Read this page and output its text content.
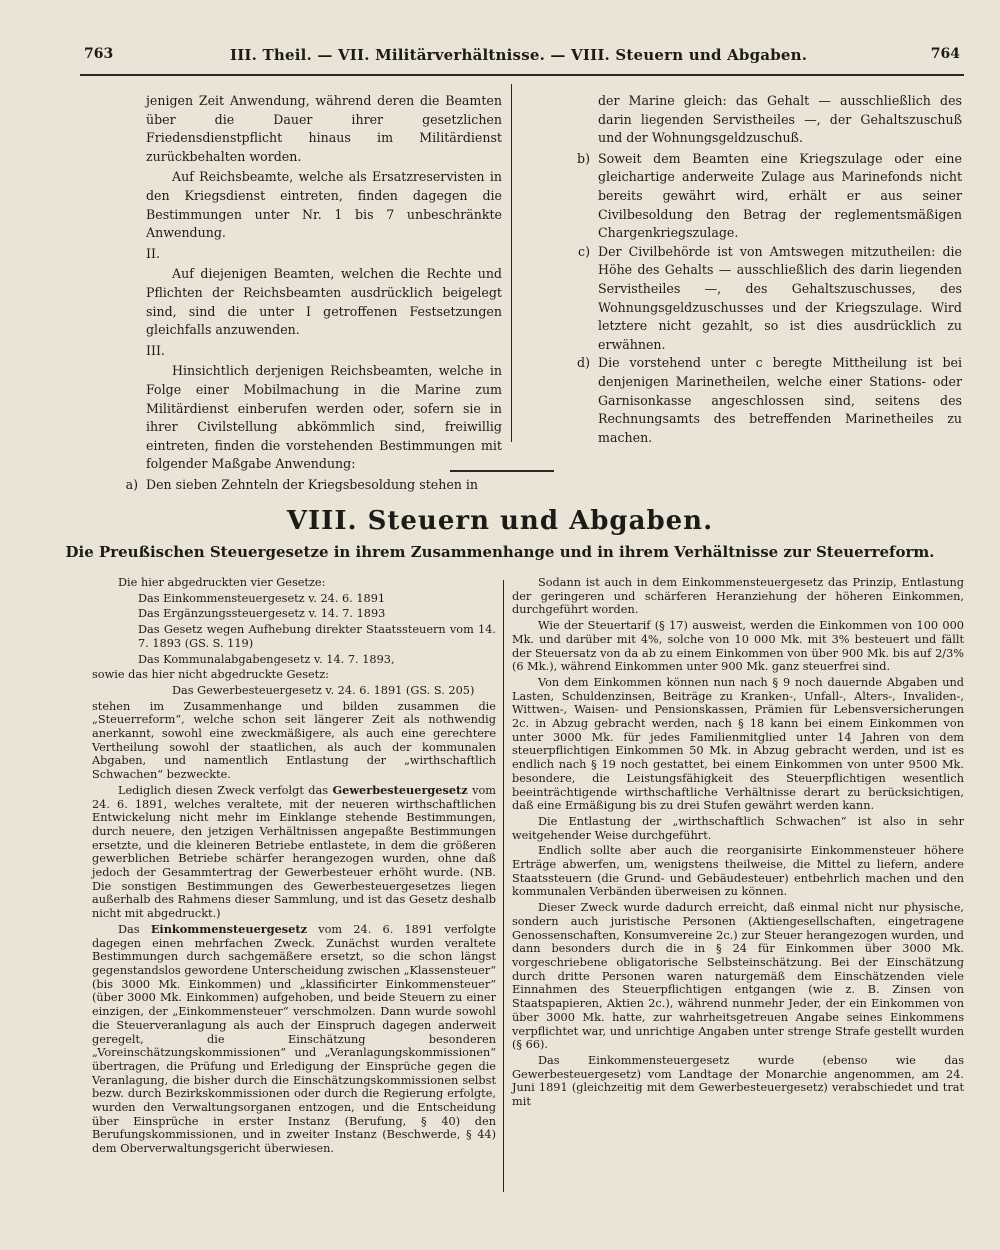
763	III. Theil. — VII. Militärverhältnisse. — VIII. Steuern und Abgaben.	764

jenigen Zeit Anwendung, während deren die Beamten über die Dauer ihrer gesetzlichen Friedensdienstpflicht hinaus im Militärdienst zurückbehalten worden.

Auf Reichsbeamte, welche als Ersatzreservisten in den Kriegsdienst eintreten, finden dagegen die Bestimmungen unter Nr. 1 bis 7 unbeschränkte Anwendung.

II.

Auf diejenigen Beamten, welchen die Rechte und Pflichten der Reichsbeamten ausdrücklich beigelegt sind, sind die unter I getroffenen Festsetzungen gleichfalls anzuwenden.

III.

Hinsichtlich derjenigen Reichsbeamten, welche in Folge einer Mobilmachung in die Marine zum Militärdienst einberufen werden oder, sofern sie in ihrer Civilstellung abkömmlich sind, freiwillig eintreten, finden die vorstehenden Bestimmungen mit folgender Maßgabe Anwendung:

a) Den sieben Zehnteln der Kriegsbesoldung stehen in

der Marine gleich: das Gehalt — ausschließlich des darin liegenden Servistheiles —, der Gehaltszuschuß und der Wohnungsgeldzuschuß.

b) Soweit dem Beamten eine Kriegszulage oder eine gleichartige anderweite Zulage aus Marinefonds nicht bereits gewährt wird, erhält er aus seiner Civilbesoldung den Betrag der reglementsmäßigen Chargenkriegszulage.
c) Der Civilbehörde ist von Amtswegen mitzutheilen: die Höhe des Gehalts — ausschließlich des darin liegenden Servistheiles —, des Gehaltszuschusses, des Wohnungsgeldzuschusses und der Kriegszulage. Wird letztere nicht gezahlt, so ist dies ausdrücklich zu erwähnen.
d) Die vorstehend unter c beregte Mittheilung ist bei denjenigen Marinetheilen, welche einer Stations- oder Garnisonkasse angeschlossen sind, seitens des Rechnungsamts des betreffenden Marinetheiles zu machen.
VIII. Steuern und Abgaben.
Die Preußischen Steuergesetze in ihrem Zusammenhange und in ihrem Verhältnisse zur Steuerreform.

Die hier abgedruckten vier Gesetze:

Das Einkommensteuergesetz v. 24. 6. 1891

Das Ergänzungssteuergesetz v. 14. 7. 1893

Das Gesetz wegen Aufhebung direkter Staatssteuern vom 14. 7. 1893 (GS. S. 119)

Das Kommunalabgabengesetz v. 14. 7. 1893,

sowie das hier nicht abgedruckte Gesetz:

Das Gewerbesteuergesetz v. 24. 6. 1891 (GS. S. 205)

stehen im Zusammenhange und bilden zusammen die „Steuerreform“, welche schon seit längerer Zeit als nothwendig anerkannt, sowohl eine zweckmäßigere, als auch eine gerechtere Vertheilung sowohl der staatlichen, als auch der kommunalen Abgaben, und namentlich Entlastung der „wirthschaftlich Schwachen“ bezweckte.

Lediglich diesen Zweck verfolgt das Gewerbesteuergesetz vom 24. 6. 1891, welches veraltete, mit der neueren wirthschaftlichen Entwickelung nicht mehr im Einklange stehende Bestimmungen, durch neuere, den jetzigen Verhältnissen angepaßte Bestimmungen ersetzte, und die kleineren Betriebe entlastete, in dem die größeren gewerblichen Betriebe schärfer herangezogen wurden, ohne daß jedoch der Gesammtertrag der Gewerbesteuer erhöht wurde. (NB. Die sonstigen Bestimmungen des Gewerbesteuergesetzes liegen außerhalb des Rahmens dieser Sammlung, und ist das Gesetz deshalb nicht mit abgedruckt.)

Das Einkommensteuergesetz vom 24. 6. 1891 verfolgte dagegen einen mehrfachen Zweck. Zunächst wurden veraltete Bestimmungen durch sachgemäßere ersetzt, so die schon längst gegenstandslos gewordene Unterscheidung zwischen „Klassensteuer“ (bis 3000 Mk. Einkommen) und „klassificirter Einkommensteuer“ (über 3000 Mk. Einkommen) aufgehoben, und beide Steuern zu einer einzigen, der „Einkommensteuer“ verschmolzen. Dann wurde sowohl die Steuerveranlagung als auch der Einspruch dagegen anderweit geregelt, die Einschätzung besonderen „Voreinschätzungskommissionen“ und „Veranlagungskommissionen“ übertragen, die Prüfung und Erledigung der Einsprüche gegen die Veranlagung, die bisher durch die Einschätzungskommissionen selbst bezw. durch Bezirkskommissionen oder durch die Regierung erfolgte, wurden den Verwaltungsorganen entzogen, und die Entscheidung über Einsprüche in erster Instanz (Berufung, § 40) den Berufungskommissionen, und in zweiter Instanz (Beschwerde, § 44) dem Oberverwaltungsgericht überwiesen.

Sodann ist auch in dem Einkommensteuergesetz das Prinzip, Entlastung der geringeren und schärferen Heranziehung der höheren Einkommen, durchgeführt worden.

Wie der Steuertarif (§ 17) ausweist, werden die Einkommen von 100 000 Mk. und darüber mit 4%, solche von 10 000 Mk. mit 3% besteuert und fällt der Steuersatz von da ab zu einem Einkommen von über 900 Mk. bis auf 2/3% (6 Mk.), während Einkommen unter 900 Mk. ganz steuerfrei sind.

Von dem Einkommen können nun nach § 9 noch dauernde Abgaben und Lasten, Schuldenzinsen, Beiträge zu Kranken-, Unfall-, Alters-, Invaliden-, Wittwen-, Waisen- und Pensionskassen, Prämien für Lebensversicherungen 2c. in Abzug gebracht werden, nach § 18 kann bei einem Einkommen von unter 3000 Mk. für jedes Familienmitglied unter 14 Jahren von dem steuerpflichtigen Einkommen 50 Mk. in Abzug gebracht werden, und ist es endlich nach § 19 noch gestattet, bei einem Einkommen von unter 9500 Mk. besondere, die Leistungsfähigkeit des Steuerpflichtigen wesentlich beeinträchtigende wirthschaftliche Verhältnisse derart zu berücksichtigen, daß eine Ermäßigung bis zu drei Stufen gewährt werden kann.

Die Entlastung der „wirthschaftlich Schwachen“ ist also in sehr weitgehender Weise durchgeführt.

Endlich sollte aber auch die reorganisirte Einkommensteuer höhere Erträge abwerfen, um, wenigstens theilweise, die Mittel zu liefern, andere Staatssteuern (die Grund- und Gebäudesteuer) entbehrlich machen und den kommunalen Verbänden überweisen zu können.

Dieser Zweck wurde dadurch erreicht, daß einmal nicht nur physische, sondern auch juristische Personen (Aktiengesellschaften, eingetragene Genossenschaften, Konsumvereine 2c.) zur Steuer herangezogen wurden, und dann besonders durch die in § 24 für Einkommen über 3000 Mk. vorgeschriebene obligatorische Selbsteinschätzung. Bei der Einschätzung durch dritte Personen waren naturgemäß dem Einschätzenden viele Einnahmen des Steuerpflichtigen entgangen (wie z. B. Zinsen von Staatspapieren, Aktien 2c.), während nunmehr Jeder, der ein Einkommen von über 3000 Mk. hatte, zur wahrheitsgetreuen Angabe seines Einkommens verpflichtet war, und unrichtige Angaben unter strenge Strafe gestellt wurden (§ 66).

Das Einkommensteuergesetz wurde (ebenso wie das Gewerbesteuergesetz) vom Landtage der Monarchie angenommen, am 24. Juni 1891 (gleichzeitig mit dem Gewerbesteuergesetz) verabschiedet und trat mit
